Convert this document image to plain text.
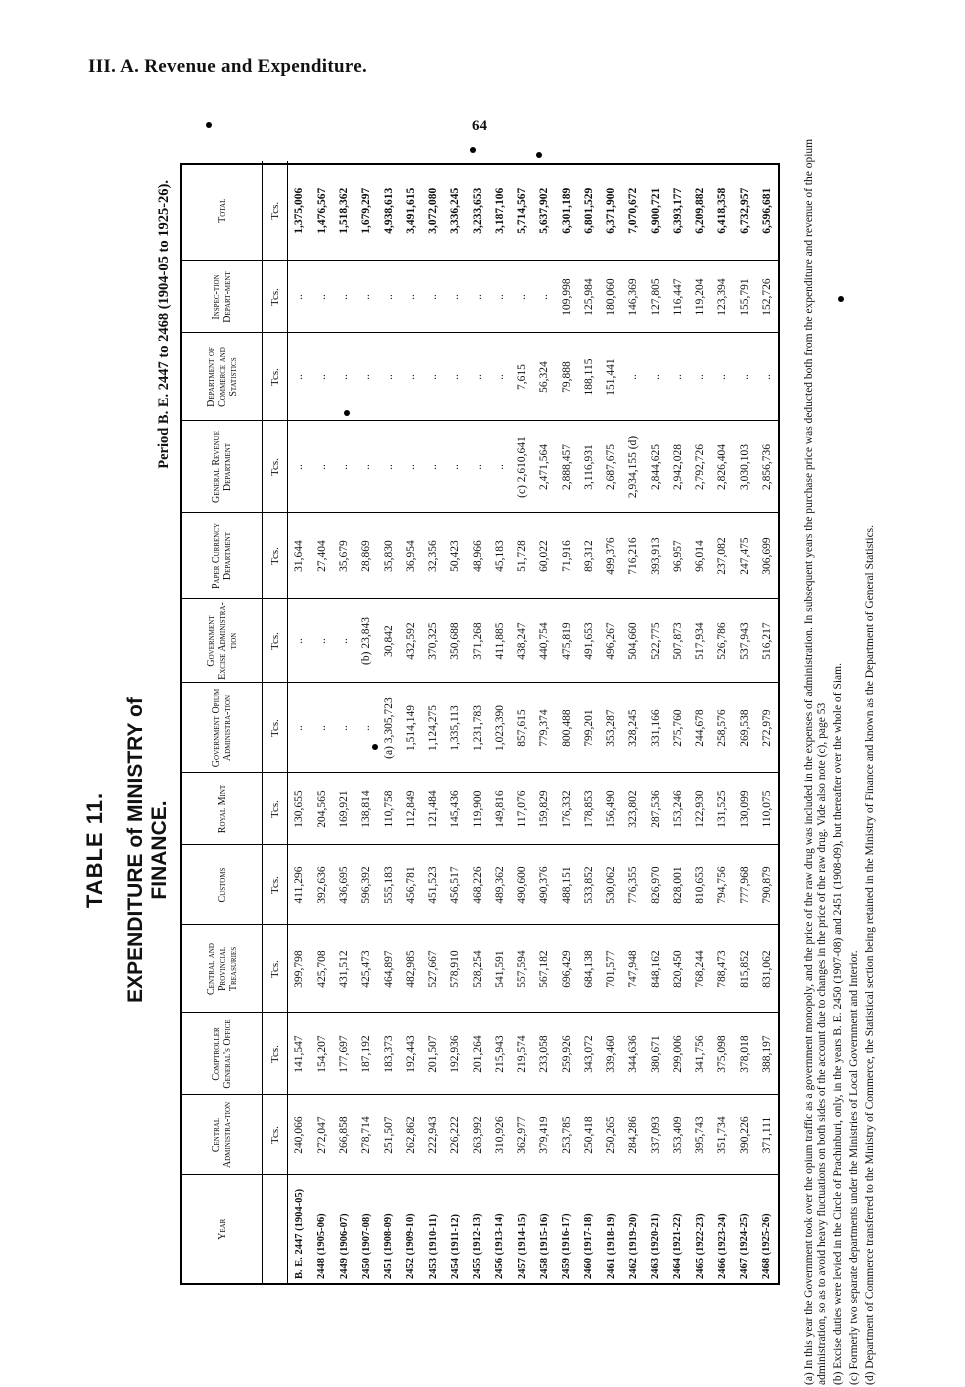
III. A. Revenue and Expenditure.
64
TABLE 11. EXPENDITURE of MINISTRY of FINANCE.
Period B. E. 2447 to 2468 (1904-05 to 1925-26).
Year	Central Administra-tion	Comptroller General's Office	Central and Provincial Treasuries	Customs	Royal Mint	Government Opium Administra-tion	Government Excise Administra-tion	Paper Currency Department	General Revenue Department	Department of Commerce and Statistics	Inspec-tion Depart-ment	Total
	Tcs.	Tcs.	Tcs.	Tcs.	Tcs.	Tcs.	Tcs.	Tcs.	Tcs.	Tcs.	Tcs.	Tcs.
B. E. 2447 (1904-05)	240,066	141,547	399,798	411,296	130,655	..	..	31,644	..	..	..	1,375,006
2448 (1905-06)	272,047	154,207	425,708	392,636	204,565	..	..	27,404	..	..	..	1,476,567
2449 (1906-07)	266,858	177,697	431,512	436,695	169,921	..	..	35,679	..	..	..	1,518,362
2450 (1907-08)	278,714	187,192	425,473	596,392	138,814	..	(b) 23,843	28,869	..	..	..	1,679,297
2451 (1908-09)	251,507	183,373	464,897	555,183	110,758	(a) 3,305,723	30,842	35,830	..	..	..	4,938,613
2452 (1909-10)	262,862	192,443	482,985	456,781	112,849	1,514,149	432,592	36,954	..	..	..	3,491,615
2453 (1910-11)	222,943	201,507	527,667	451,523	121,484	1,124,275	370,325	32,356	..	..	..	3,072,080
2454 (1911-12)	226,222	192,936	578,910	456,517	145,436	1,335,113	350,688	50,423	..	..	..	3,336,245
2455 (1912-13)	263,992	201,264	528,254	468,226	119,900	1,231,783	371,268	48,966	..	..	..	3,233,653
2456 (1913-14)	310,926	215,943	541,591	489,362	149,816	1,023,390	411,885	45,183	..	..	..	3,187,106
2457 (1914-15)	362,977	219,574	557,594	490,600	117,076	857,615	438,247	51,728	(c) 2,610,641	7,615	..	5,714,567
2458 (1915-16)	379,419	233,058	567,182	490,376	159,829	779,374	440,754	60,022	2,471,564	56,324	..	5,637,902
2459 (1916-17)	253,785	259,926	696,429	488,151	176,332	800,488	475,819	71,916	2,888,457	79,888	109,998	6,301,189
2460 (1917-18)	250,418	343,072	684,138	533,852	178,853	799,201	491,653	89,312	3,116,931	188,115	125,984	6,801,529
2461 (1918-19)	250,265	339,460	701,577	530,062	156,490	353,287	496,267	499,376	2,687,675	151,441	180,060	6,371,900
2462 (1919-20)	284,286	344,636	747,948	776,355	323,802	328,245	504,660	716,216	2,934,155 (d)	..	146,369	7,070,672
2463 (1920-21)	337,093	380,671	848,162	826,970	287,536	331,166	522,775	393,913	2,844,625	..	127,805	6,900,721
2464 (1921-22)	353,409	299,006	820,450	828,001	153,246	275,760	507,873	96,957	2,942,028	..	116,447	6,393,177
2465 (1922-23)	395,743	341,756	768,244	810,653	122,930	244,678	517,934	96,014	2,792,726	..	119,204	6,209,882
2466 (1923-24)	351,734	375,098	788,473	794,756	131,525	258,576	526,786	237,082	2,826,404	..	123,394	6,418,358
2467 (1924-25)	390,226	378,018	815,852	777,968	130,099	269,538	537,943	247,475	3,030,103	..	155,791	6,732,957
2468 (1925-26)	371,111	388,197	831,062	790,879	110,075	272,979	516,217	306,699	2,856,736	..	152,726	6,596,681	(a) In this year the Government took over the opium traffic as a government monopoly, and the price of the raw drug was included in the expenses of administration. In subsequent years the purchase price was deducted both from the expenditure and revenue of the opium administration, so as to avoid heavy fluctuations on both sides of the account due to changes in the price of the raw drug. Vide also note (c), page 53 (b) Excise duties were levied in the Circle of Prachinburi, only, in the years B. E. 2450 (1907-08) and 2451 (1908-09), but thereafter over the whole of Siam. (c) Formerly two separate departments under the Ministries of Local Government and Interior. (d) Department of Commerce transferred to the Ministry of Commerce, the Statistical section being retained in the Ministry of Finance and known as the Department of General Statistics.
